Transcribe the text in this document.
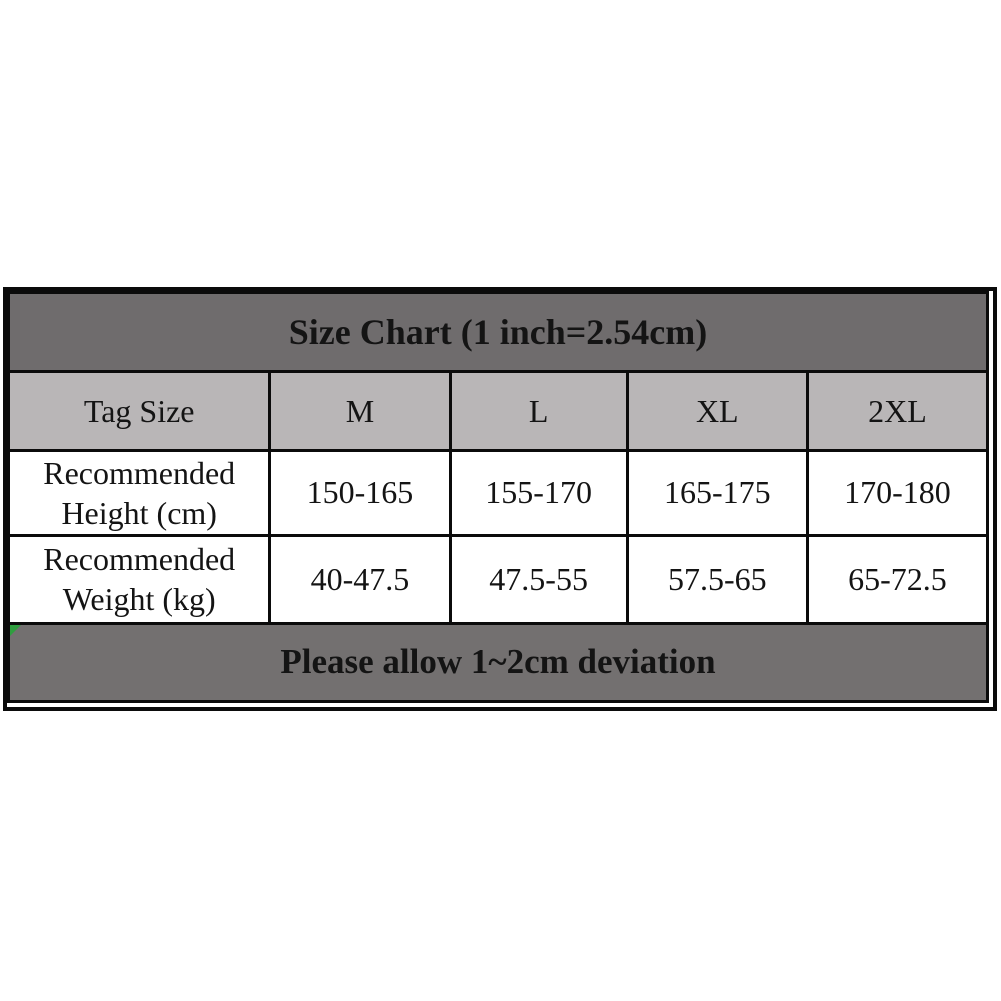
Size Chart (1 inch=2.54cm)				
Tag Size	M	L	XL	2XL
Recommended Height (cm)	150-165	155-170	165-175	170-180
Recommended Weight (kg)	40-47.5	47.5-55	57.5-65	65-72.5

Please allow 1~2cm deviation				
